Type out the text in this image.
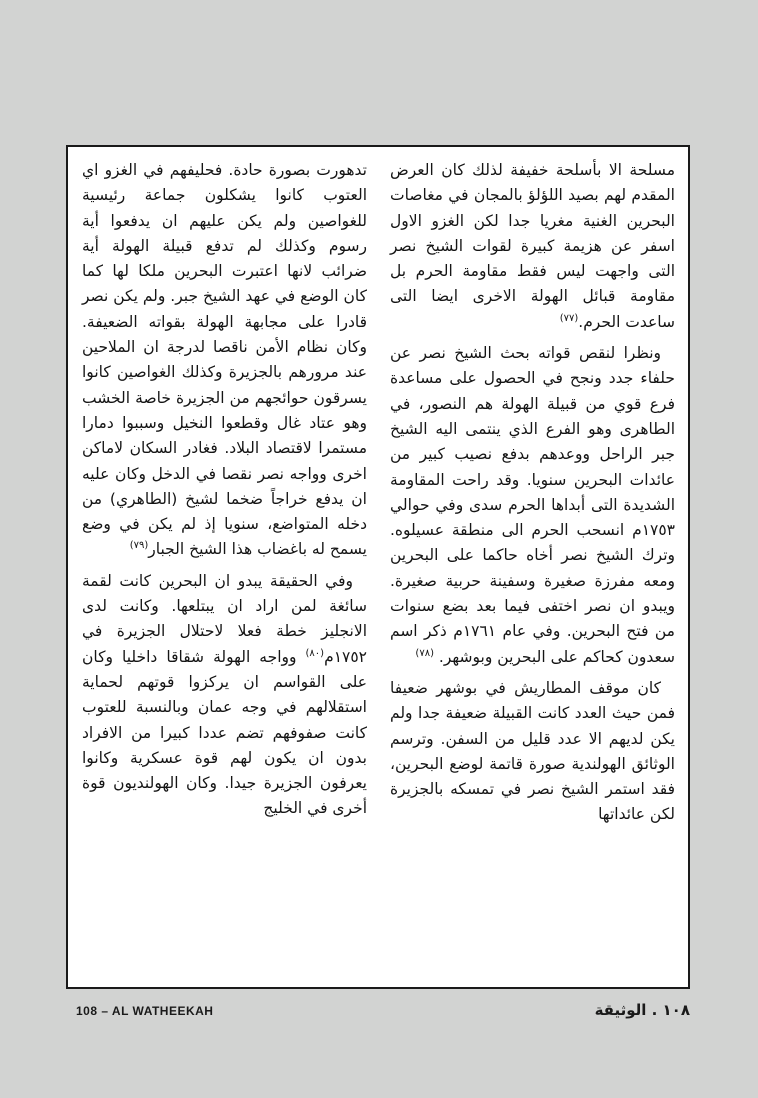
مسلحة الا بأسلحة خفيفة لذلك كان العرض المقدم لهم بصيد اللؤلؤ بالمجان في مغاصات البحرين الغنية مغريا جدا لكن الغزو الاول اسفر عن هزيمة كبيرة لقوات الشيخ نصر التى واجهت ليس فقط مقاومة الحرم بل مقاومة قبائل الهولة الاخرى ايضا التى ساعدت الحرم.$^{(٧٧)}$

ونظرا لنقص قواته بحث الشيخ نصر عن حلفاء جدد ونجح في الحصول على مساعدة فرع قوي من قبيلة الهولة هم النصور، في الطاهرى وهو الفرع الذي ينتمى اليه الشيخ جبر الراحل ووعدهم بدفع نصيب كبير من عائدات البحرين سنويا. وقد راحت المقاومة الشديدة التى أبداها الحرم سدى وفي حوالي ١٧٥٣م انسحب الحرم الى منطقة عسيلوه. وترك الشيخ نصر أخاه حاكما على البحرين ومعه مفرزة صغيرة وسفينة حربية صغيرة. ويبدو ان نصر اختفى فيما بعد بضع سنوات من فتح البحرين. وفي عام ١٧٦١م ذكر اسم سعدون كحاكم على البحرين وبوشهر. $^{(٧٨)}$

كان موقف المطاريش في بوشهر ضعيفا فمن حيث العدد كانت القبيلة ضعيفة جدا ولم يكن لديهم الا عدد قليل من السفن. وترسم الوثائق الهولندية صورة قاتمة لوضع البحرين، فقد استمر الشيخ نصر في تمسكه بالجزيرة لكن عائداتها

تدهورت بصورة حادة. فحليفهم في الغزو اي العتوب كانوا يشكلون جماعة رئيسية للغواصين ولم يكن عليهم ان يدفعوا أية رسوم وكذلك لم تدفع قبيلة الهولة أية ضرائب لانها اعتبرت البحرين ملكا لها كما كان الوضع في عهد الشيخ جبر. ولم يكن نصر قادرا على مجابهة الهولة بقواته الضعيفة. وكان نظام الأمن ناقصا لدرجة ان الملاحين عند مرورهم بالجزيرة وكذلك الغواصين كانوا يسرقون حوائجهم من الجزيرة خاصة الخشب وهو عتاد غال وقطعوا النخيل وسببوا دمارا مستمرا لاقتصاد البلاد. فغادر السكان لاماكن اخرى وواجه نصر نقصا في الدخل وكان عليه ان يدفع خراجاً ضخما لشيخ (الطاهري) من دخله المتواضع، سنويا إذ لم يكن في وضع يسمح له باغضاب هذا الشيخ الجبار$^{(٧٩)}$

وفي الحقيقة يبدو ان البحرين كانت لقمة سائغة لمن اراد ان يبتلعها. وكانت لدى الانجليز خطة فعلا لاحتلال الجزيرة في ١٧٥٢م$^{(٨٠)}$ وواجه الهولة شقاقا داخليا وكان على القواسم ان يركزوا قوتهم لحماية استقلالهم في وجه عمان وبالنسبة للعتوب كانت صفوفهم تضم عددا كبيرا من الافراد بدون ان يكون لهم قوة عسكرية وكانوا يعرفون الجزيرة جيدا. وكان الهولنديون قوة أخرى في الخليج

108 – AL WATHEEKAH	١٠٨ . الوثيقة
